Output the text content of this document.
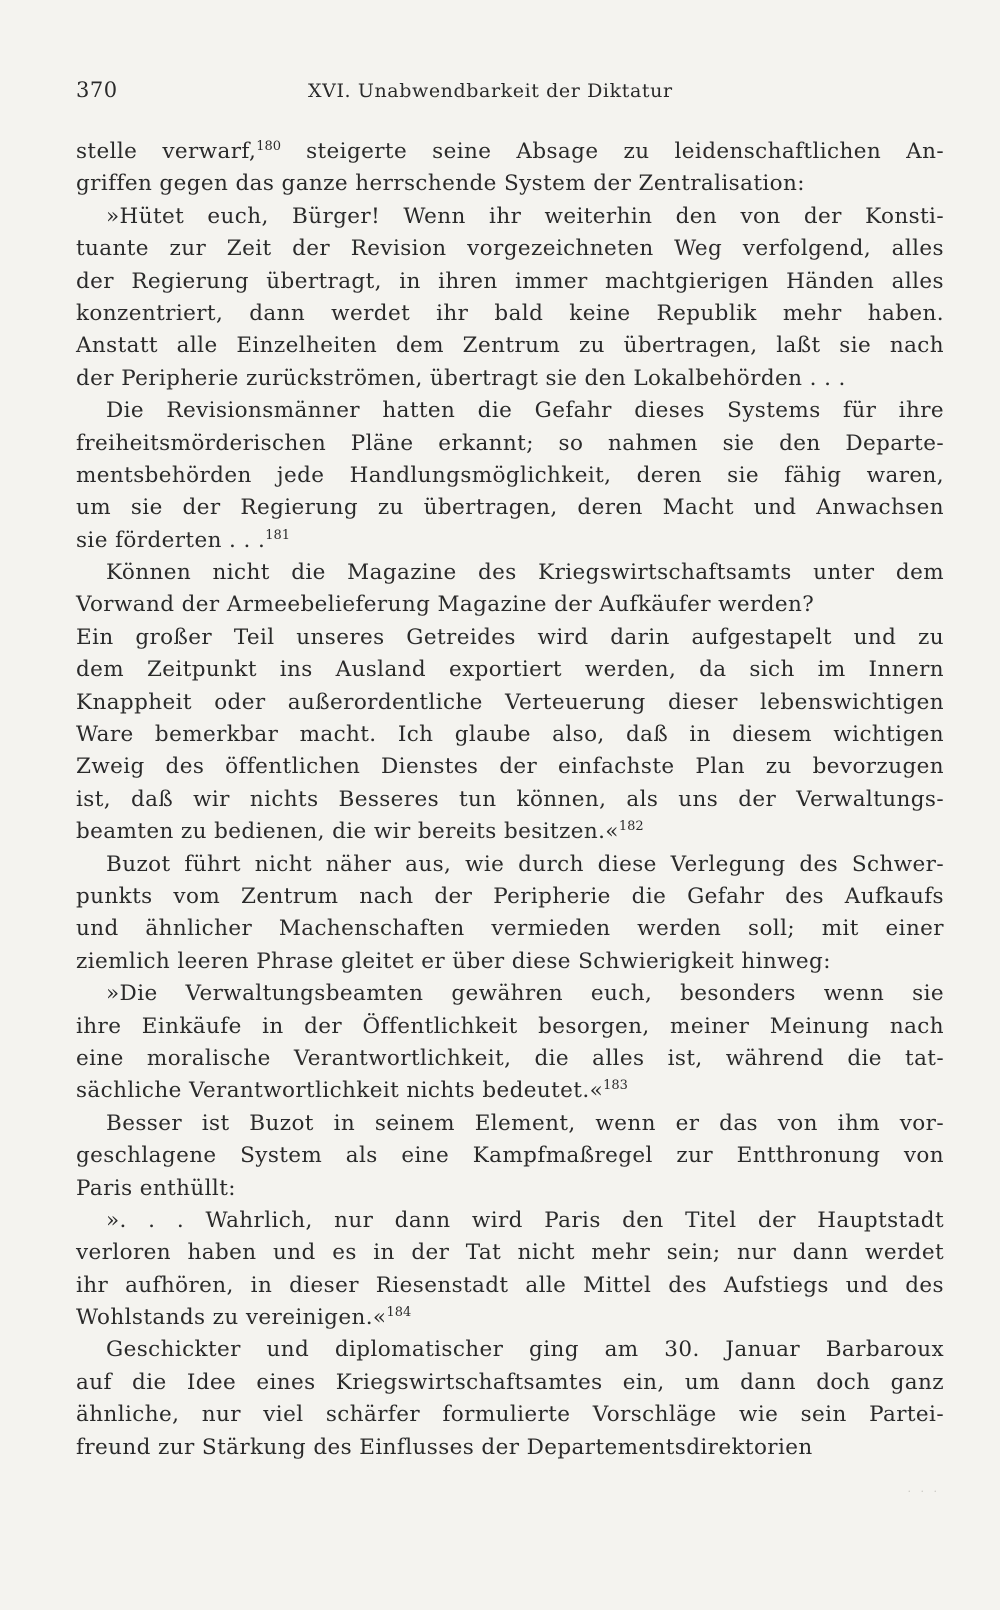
370	XVI. Unabwendbarkeit der Diktatur
stelle verwarf,$^{180}$ steigerte seine Absage zu leidenschaftlichen An-
griffen gegen das ganze herrschende System der Zentralisation:
»Hütet euch, Bürger! Wenn ihr weiterhin den von der Konsti-
tuante zur Zeit der Revision vorgezeichneten Weg verfolgend, alles
der Regierung übertragt, in ihren immer machtgierigen Händen alles
konzentriert, dann werdet ihr bald keine Republik mehr haben.
Anstatt alle Einzelheiten dem Zentrum zu übertragen, laßt sie nach
der Peripherie zurückströmen, übertragt sie den Lokalbehörden . . .
Die Revisionsmänner hatten die Gefahr dieses Systems für ihre
freiheitsmörderischen Pläne erkannt; so nahmen sie den Departe-
mentsbehörden jede Handlungsmöglichkeit, deren sie fähig waren,
um sie der Regierung zu übertragen, deren Macht und Anwachsen
sie förderten . . .$^{181}$
Können nicht die Magazine des Kriegswirtschaftsamts unter dem
Vorwand der Armeebelieferung Magazine der Aufkäufer werden?
Ein großer Teil unseres Getreides wird darin aufgestapelt und zu
dem Zeitpunkt ins Ausland exportiert werden, da sich im Innern
Knappheit oder außerordentliche Verteuerung dieser lebenswichtigen
Ware bemerkbar macht. Ich glaube also, daß in diesem wichtigen
Zweig des öffentlichen Dienstes der einfachste Plan zu bevorzugen
ist, daß wir nichts Besseres tun können, als uns der Verwaltungs-
beamten zu bedienen, die wir bereits besitzen.«$^{182}$
Buzot führt nicht näher aus, wie durch diese Verlegung des Schwer-
punkts vom Zentrum nach der Peripherie die Gefahr des Aufkaufs
und ähnlicher Machenschaften vermieden werden soll; mit einer
ziemlich leeren Phrase gleitet er über diese Schwierigkeit hinweg:
»Die Verwaltungsbeamten gewähren euch, besonders wenn sie
ihre Einkäufe in der Öffentlichkeit besorgen, meiner Meinung nach
eine moralische Verantwortlichkeit, die alles ist, während die tat-
sächliche Verantwortlichkeit nichts bedeutet.«$^{183}$
Besser ist Buzot in seinem Element, wenn er das von ihm vor-
geschlagene System als eine Kampfmaßregel zur Entthronung von
Paris enthüllt:
». . . Wahrlich, nur dann wird Paris den Titel der Hauptstadt
verloren haben und es in der Tat nicht mehr sein; nur dann werdet
ihr aufhören, in dieser Riesenstadt alle Mittel des Aufstiegs und des
Wohlstands zu vereinigen.«$^{184}$
Geschickter und diplomatischer ging am 30. Januar Barbaroux
auf die Idee eines Kriegswirtschaftsamtes ein, um dann doch ganz
ähnliche, nur viel schärfer formulierte Vorschläge wie sein Partei-
freund zur Stärkung des Einflusses der Departementsdirektorien
· · ·
